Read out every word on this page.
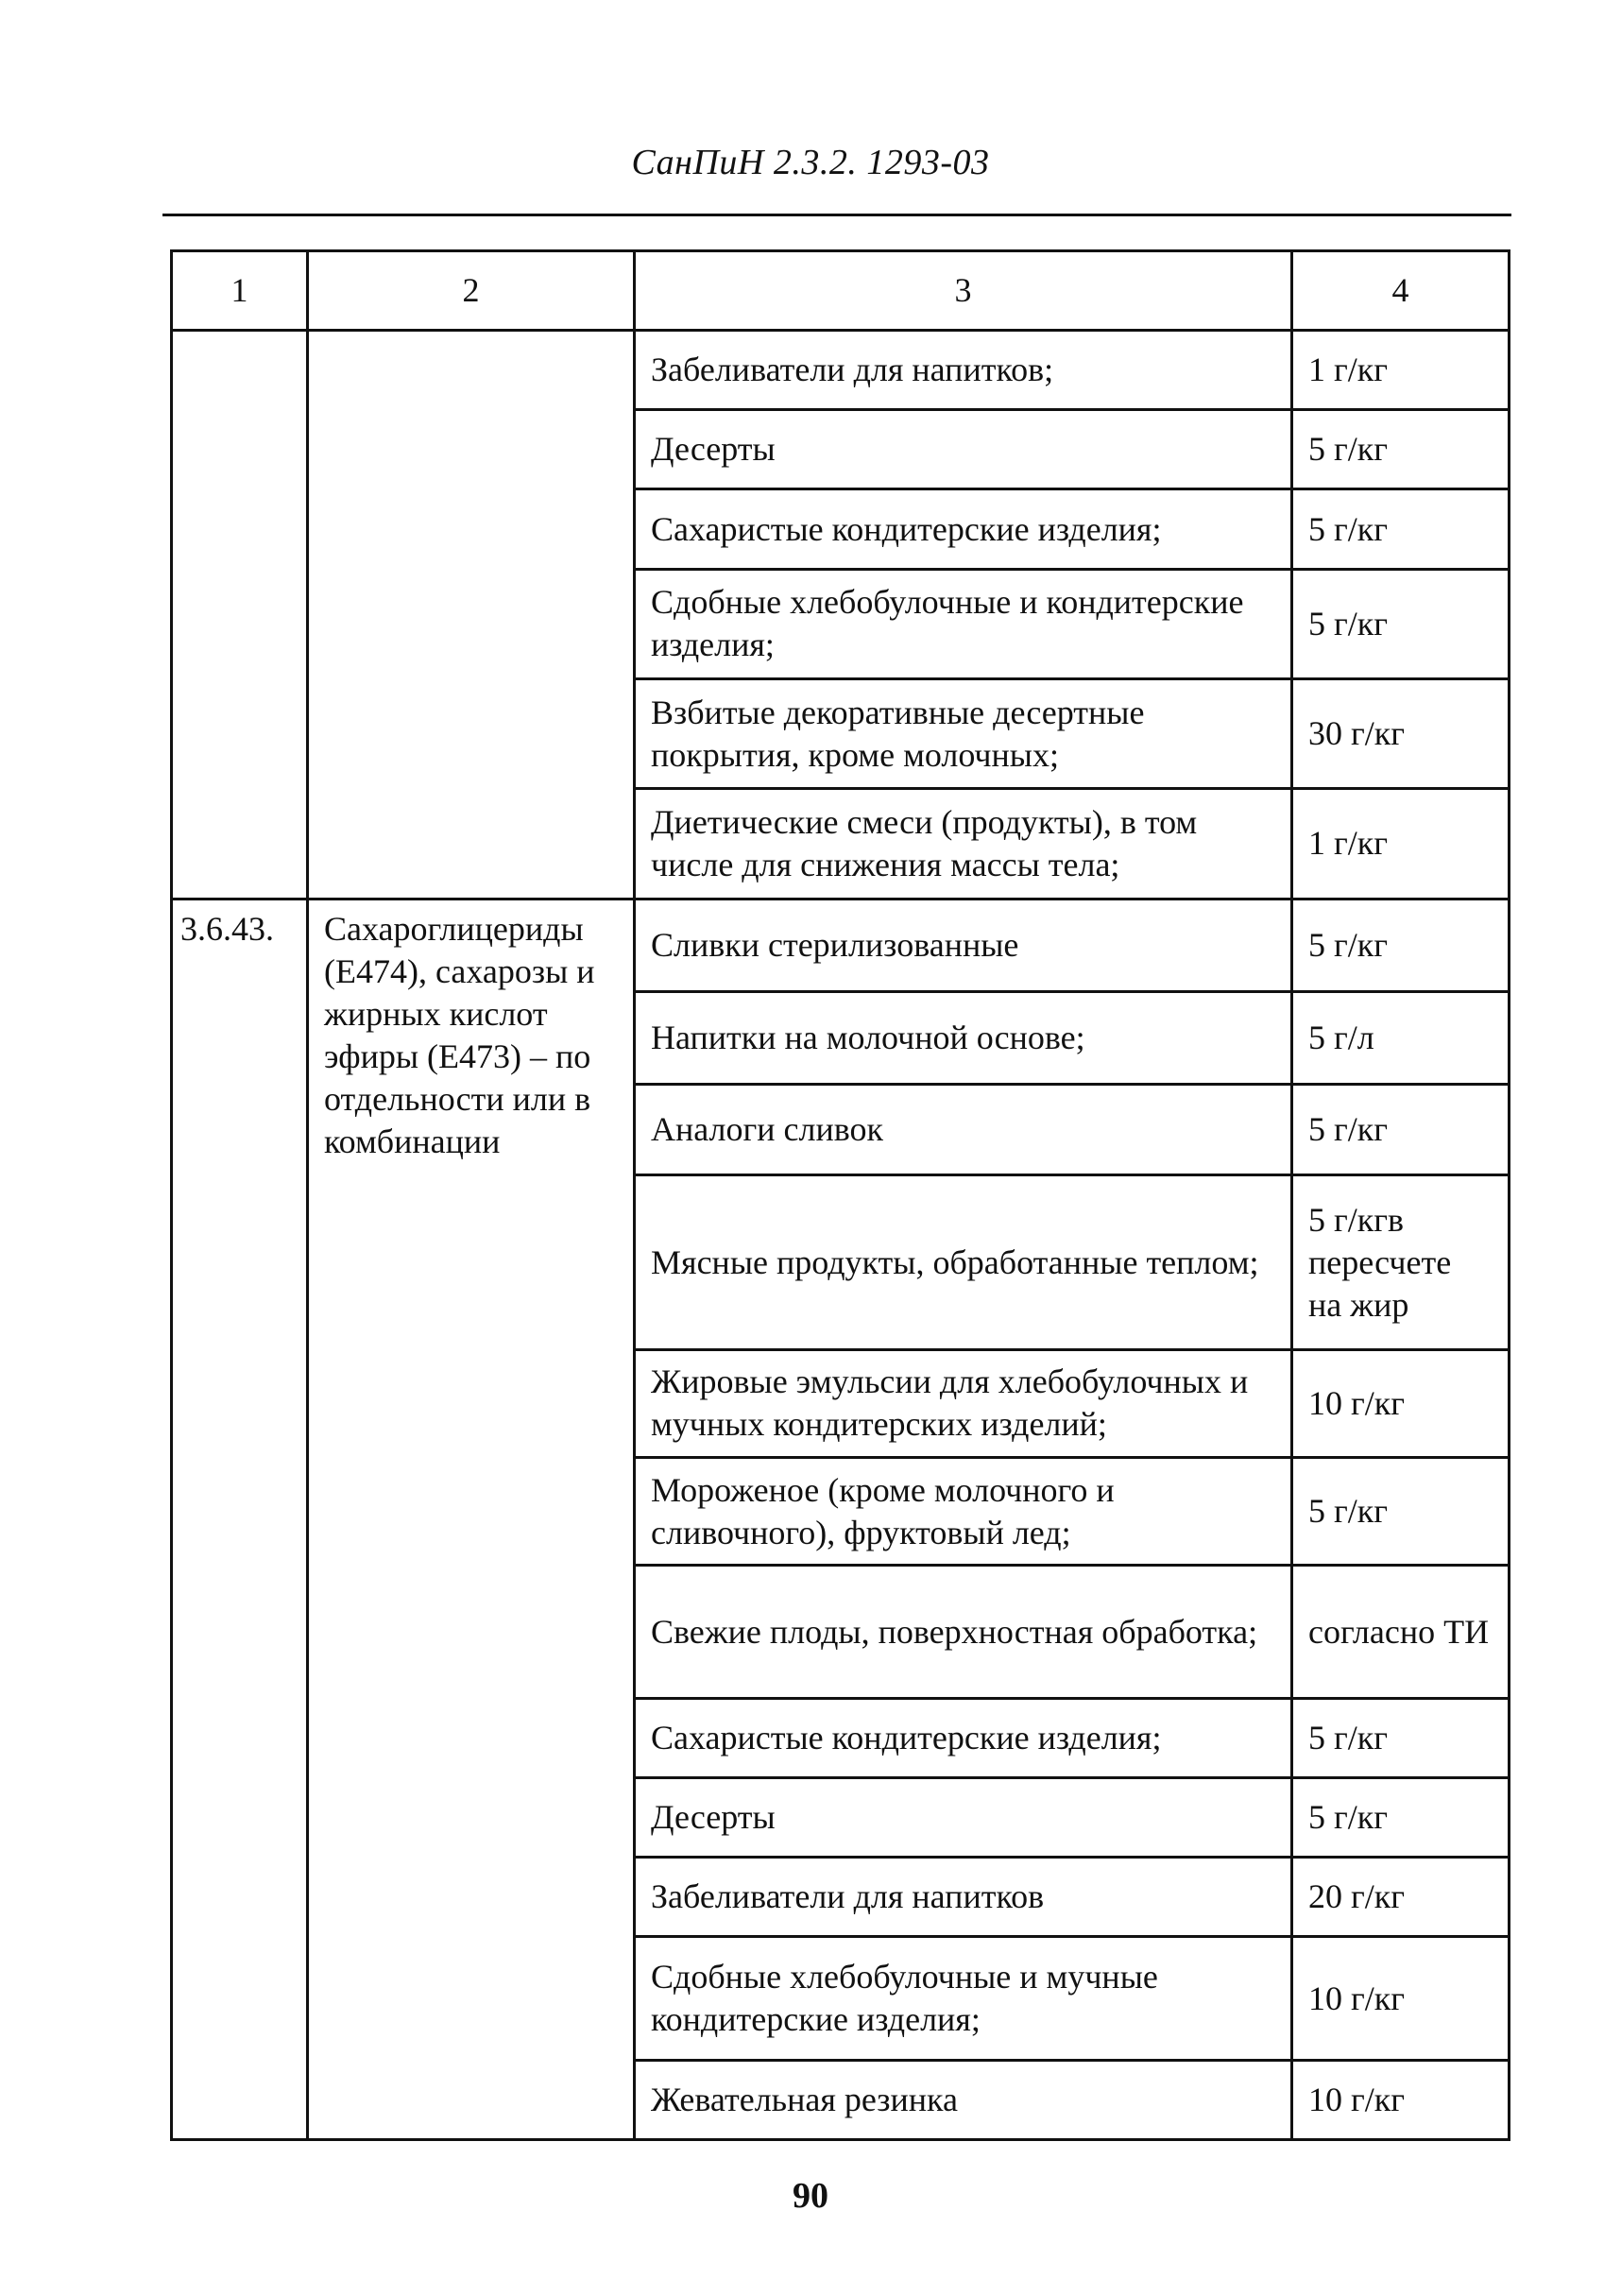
СанПиН 2.3.2. 1293-03
1	2	3	4
		Забеливатели для напитков;	1 г/кг
		Десерты	5 г/кг
		Сахаристые кондитерские изделия;	5 г/кг
		Сдобные хлебобулочные и кондитерские изделия;	5 г/кг
		Взбитые декоративные десертные покрытия, кроме молочных;	30 г/кг
		Диетические смеси (продукты), в том числе для снижения массы тела;	1 г/кг
3.6.43.	Сахароглицериды (Е474), сахарозы и жирных кислот эфиры (Е473) – по отдельности или в комбинации	Сливки стерилизованные	5 г/кг
		Напитки на молочной основе;	5 г/л
		Аналоги сливок	5 г/кг
		Мясные продукты, обработанные теплом;	5 г/кгв пересчете на жир
		Жировые эмульсии для хлебобулочных и мучных кондитерских изделий;	10 г/кг
		Мороженое (кроме молочного и сливочного), фруктовый лед;	5 г/кг
		Свежие плоды, поверхностная обработка;	согласно ТИ
		Сахаристые кондитерские изделия;	5 г/кг
		Десерты	5 г/кг
		Забеливатели для напитков	20 г/кг
		Сдобные хлебобулочные и мучные кондитерские изделия;	10 г/кг
		Жевательная резинка	10 г/кг
90
